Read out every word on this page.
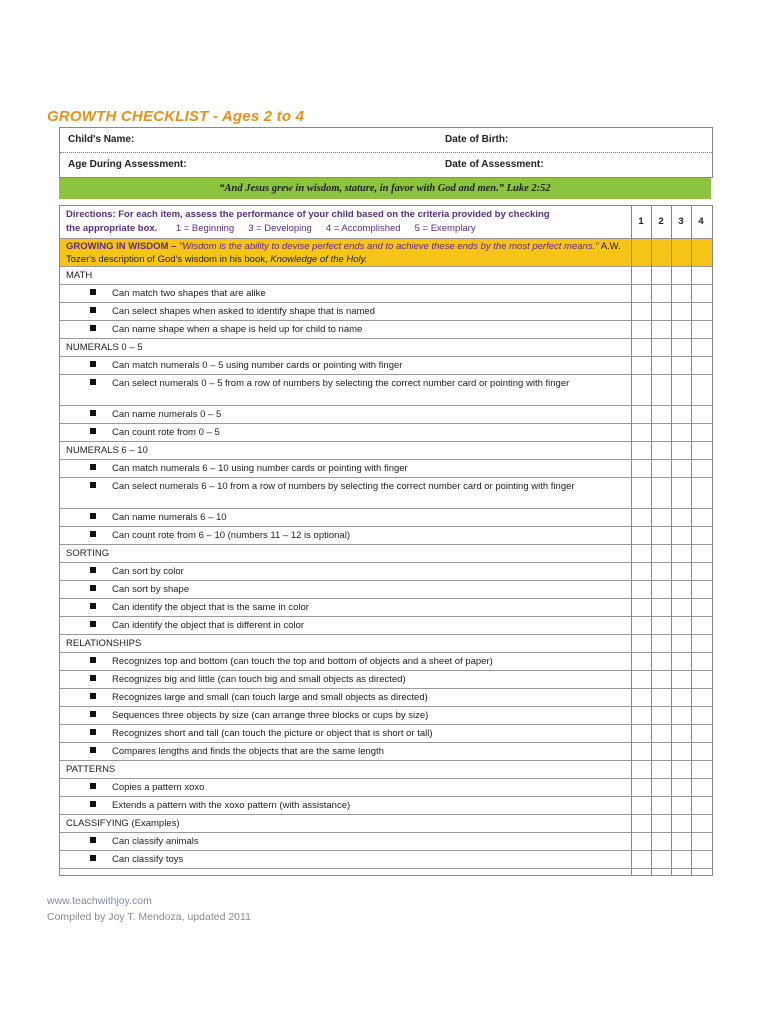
GROWTH CHECKLIST - Ages 2 to 4
Child's Name:	Date of Birth:
Age During Assessment:	Date of Assessment:
“And Jesus grew in wisdom, stature, in favor with God and men.” Luke 2:52
Directions: For each item, assess the performance of your child based on the criteria provided by checking
the appropriate box. 1 = Beginning 3 = Developing 4 = Accomplished 5 = Exemplary
1	2	3	4
GROWING IN WISDOM – "Wisdom is the ability to devise perfect ends and to achieve these ends by the most perfect means." A.W. Tozer's description of God's wisdom in his book, Knowledge of the Holy.
MATH
Can match two shapes that are alike
Can select shapes when asked to identify shape that is named
Can name shape when a shape is held up for child to name
NUMERALS 0 – 5
Can match numerals 0 – 5 using number cards or pointing with finger
Can select numerals 0 – 5 from a row of numbers by selecting the correct number card or pointing with finger
Can name numerals 0 – 5
Can count rote from 0 – 5
NUMERALS 6 – 10
Can match numerals 6 – 10 using number cards or pointing with finger
Can select numerals 6 – 10 from a row of numbers by selecting the correct number card or pointing with finger
Can name numerals 6 – 10
Can count rote from 6 – 10 (numbers 11 – 12 is optional)
SORTING
Can sort by color
Can sort by shape
Can identify the object that is the same in color
Can identify the object that is different in color
RELATIONSHIPS
Recognizes top and bottom (can touch the top and bottom of objects and a sheet of paper)
Recognizes big and little (can touch big and small objects as directed)
Recognizes large and small (can touch large and small objects as directed)
Sequences three objects by size (can arrange three blocks or cups by size)
Recognizes short and tall (can touch the picture or object that is short or tall)
Compares lengths and finds the objects that are the same length
PATTERNS
Copies a pattern xoxo
Extends a pattern with the xoxo pattern (with assistance)
CLASSIFYING (Examples)
Can classify animals
Can classify toys
www.teachwithjoy.com
Compiled by Joy T. Mendoza, updated 2011
